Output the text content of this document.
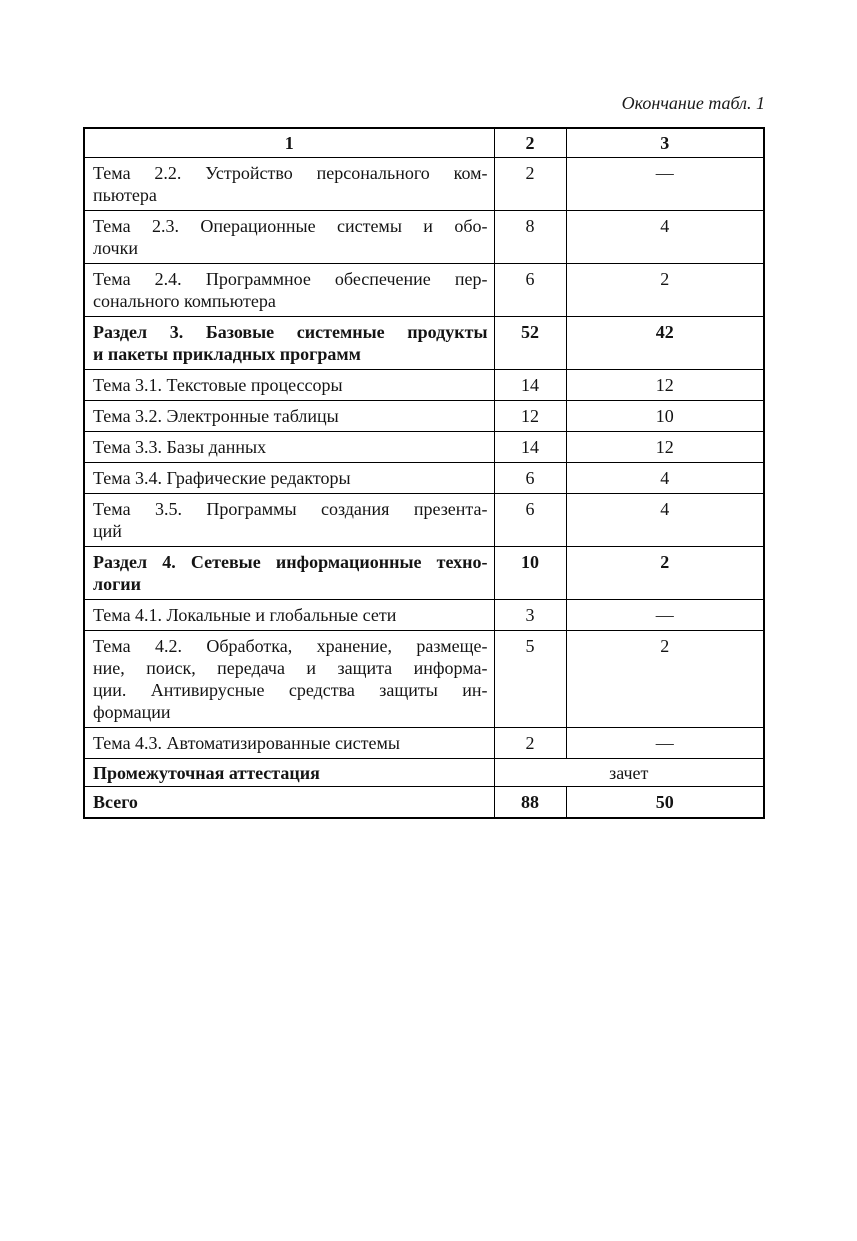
Окончание табл. 1
1	2	3

Тема 2.2. Устройство персонального ком-
пьютера	2	—

Тема 2.3. Операционные системы и обо-
лочки	8	4

Тема 2.4. Программное обеспечение пер-
сонального компьютера	6	2

Раздел 3. Базовые системные продукты
и пакеты прикладных программ	52	42

Тема 3.1. Текстовые процессоры	14	12

Тема 3.2. Электронные таблицы	12	10

Тема 3.3. Базы данных	14	12

Тема 3.4. Графические редакторы	6	4

Тема 3.5. Программы создания презента-
ций	6	4

Раздел 4. Сетевые информационные техно-
логии	10	2

Тема 4.1. Локальные и глобальные сети	3	—

Тема 4.2. Обработка, хранение, размеще-
ние, поиск, передача и защита информа-
ции. Антивирусные средства защиты ин-
формации	5	2

Тема 4.3. Автоматизированные системы	2	—

Промежуточная аттестация	зачет	

Всего	88	50
